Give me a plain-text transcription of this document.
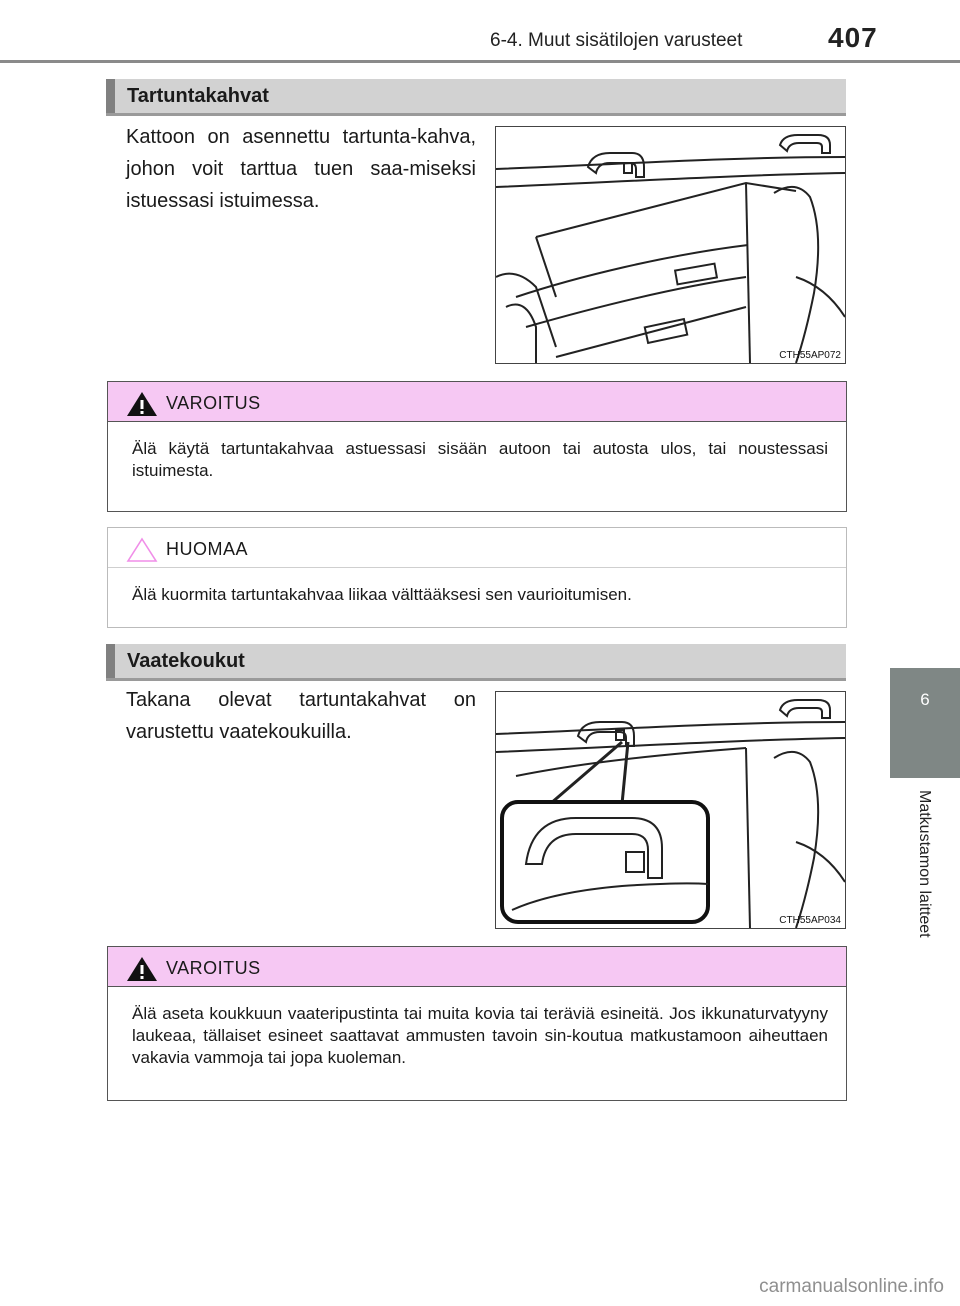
6-4. Muut sisätilojen varusteet	407
6
Matkustamon laitteet
Tartuntakahvat
Kattoon on asennettu tartunta-kahva, johon voit tarttua tuen saa-miseksi istuessasi istuimessa.
CTH55AP072
VAROITUS
Älä käytä tartuntakahvaa astuessasi sisään autoon tai autosta ulos, tai noustessasi istuimesta.
HUOMAA
Älä kuormita tartuntakahvaa liikaa välttääksesi sen vaurioitumisen.
Vaatekoukut
Takana olevat tartuntakahvat on varustettu vaatekoukuilla.
CTH55AP034
VAROITUS
Älä aseta koukkuun vaateripustinta tai muita kovia tai teräviä esineitä. Jos ikkunaturvatyyny laukeaa, tällaiset esineet saattavat ammusten tavoin sin-koutua matkustamoon aiheuttaen vakavia vammoja tai jopa kuoleman.
carmanualsonline.info
